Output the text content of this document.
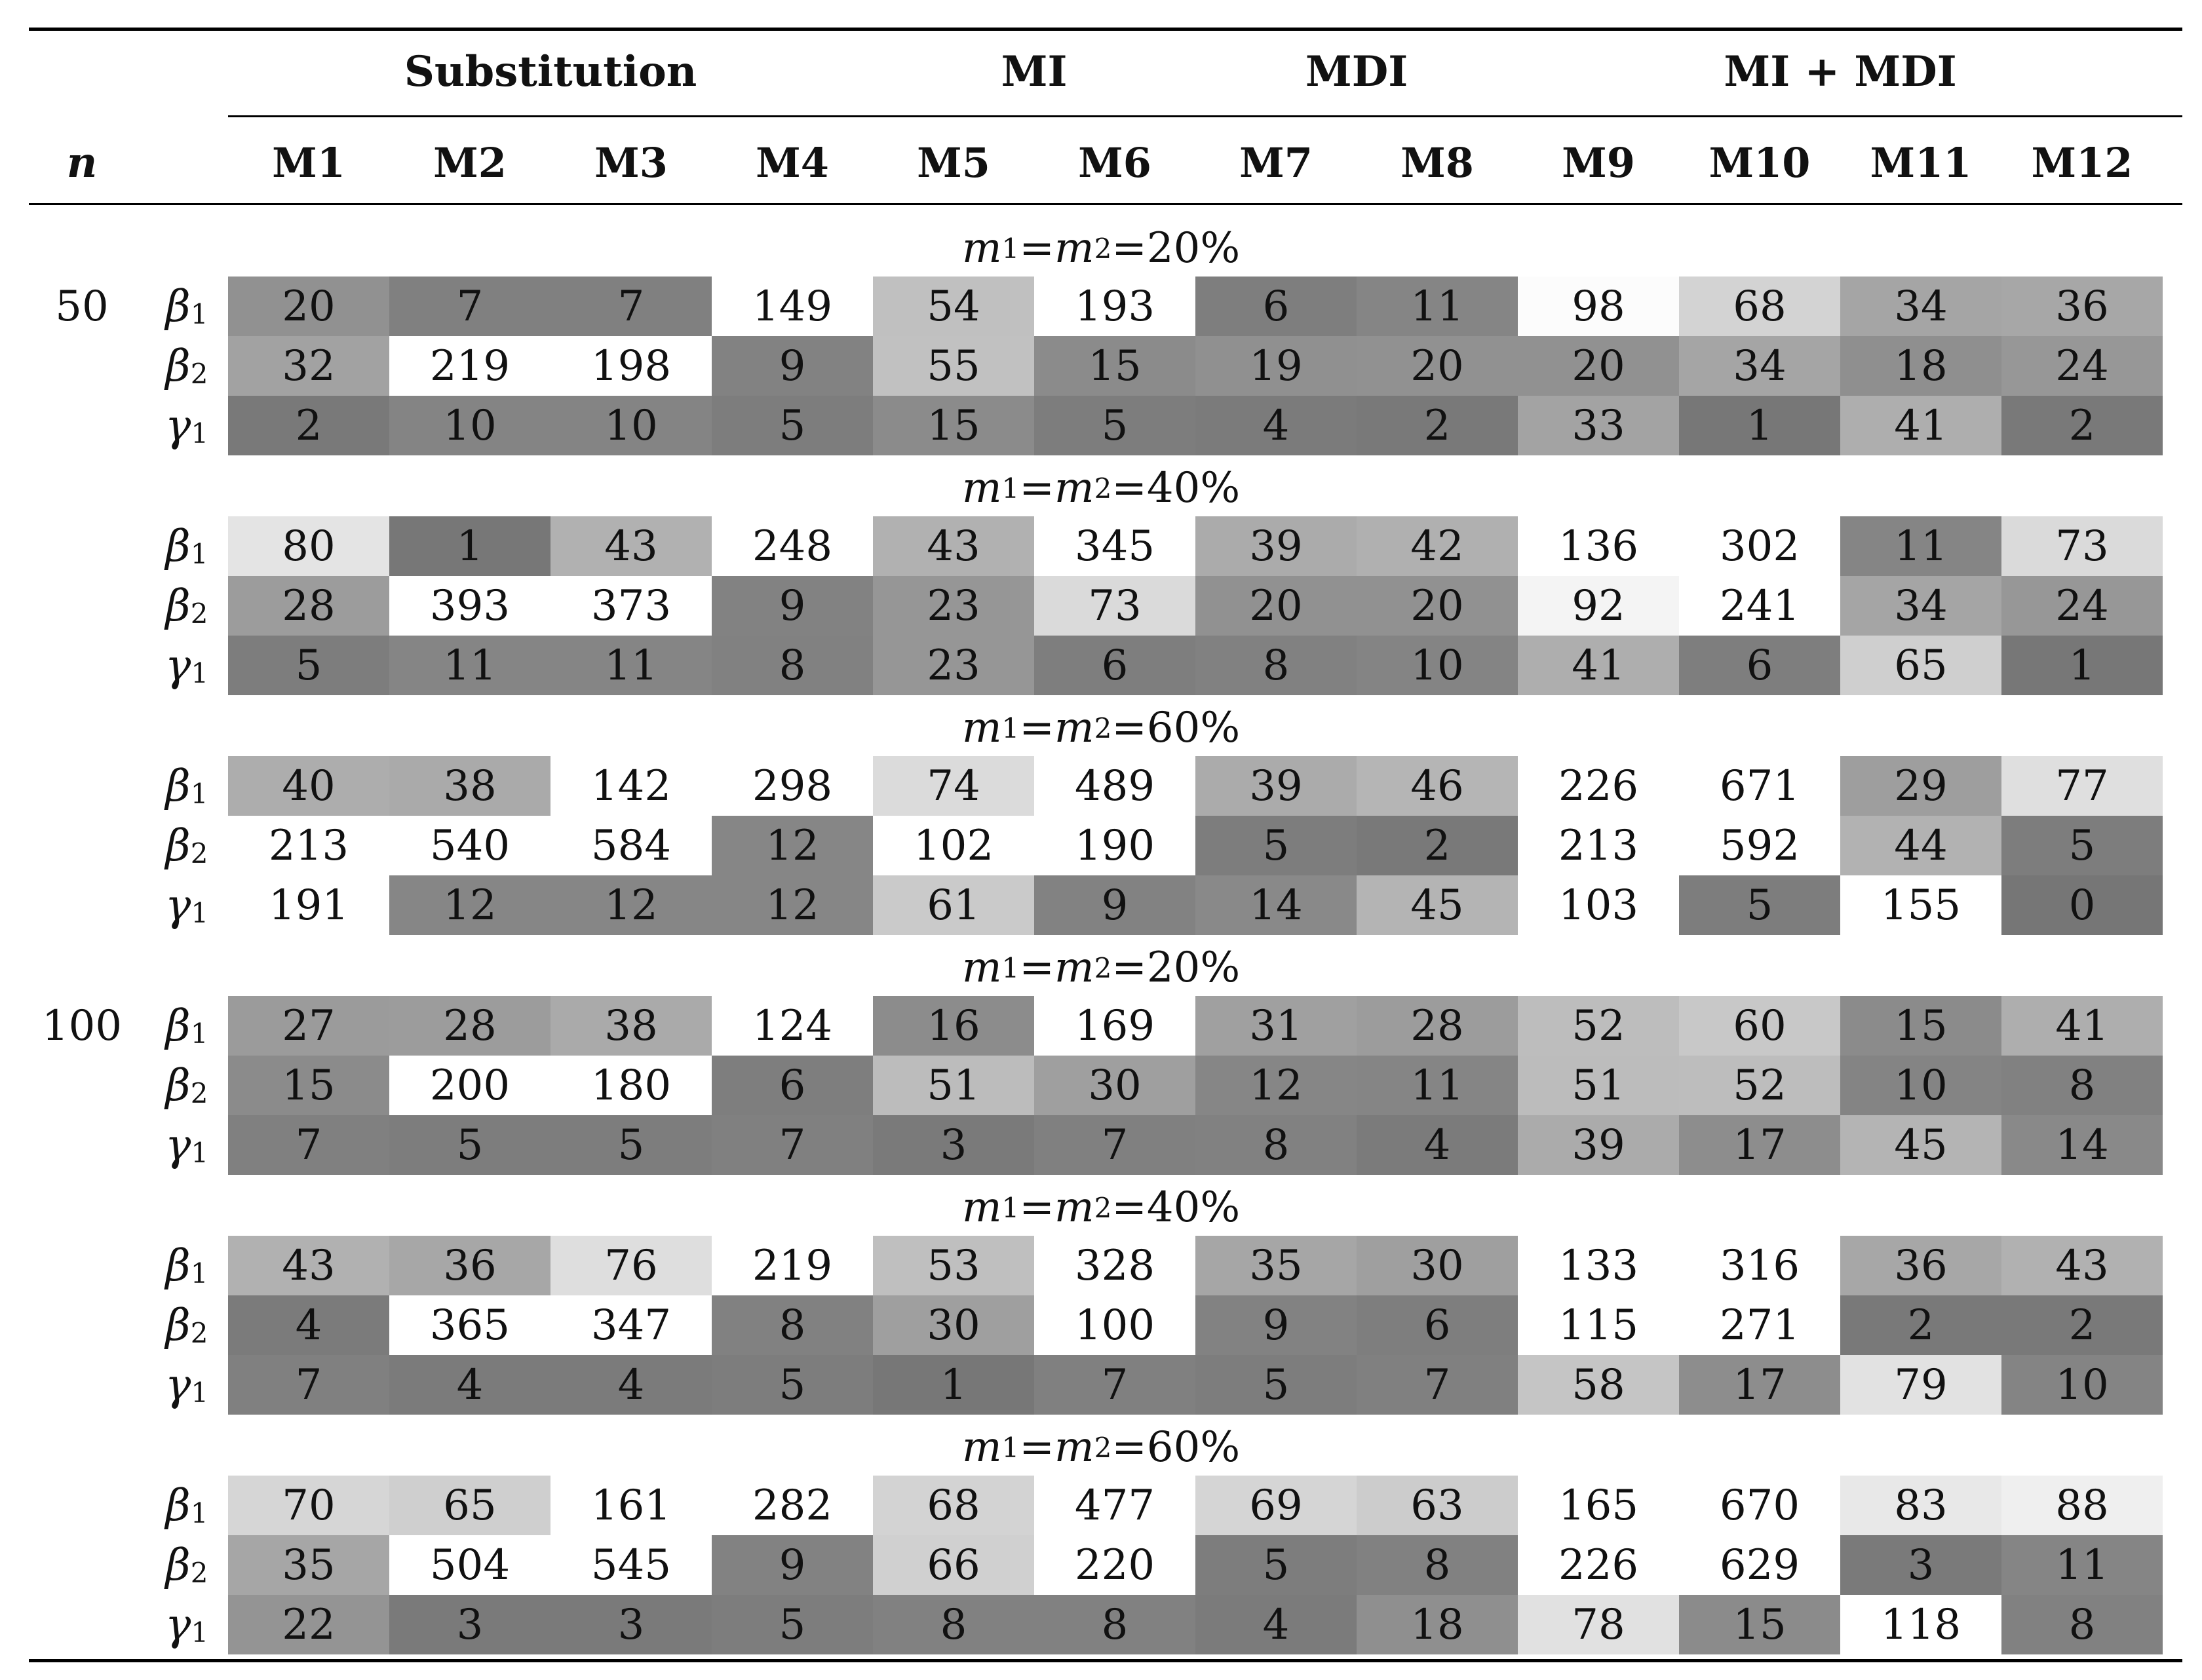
n
Substitution	MI	MDI	MI + MDI
M1	M2	M3	M4	M5	M6	M7	M8	M9	M10	M11	M12
m 1 = m 2 = 20%
50	$\beta_1$	20	7	7	149	54	193	6	11	98	68	34	36
$\beta_2$	32	219	198	9	55	15	19	20	20	34	18	24
$\gamma_1$	2	10	10	5	15	5	4	2	33	1	41	2
m 1 = m 2 = 40%
$\beta_1$	80	1	43	248	43	345	39	42	136	302	11	73
$\beta_2$	28	393	373	9	23	73	20	20	92	241	34	24
$\gamma_1$	5	11	11	8	23	6	8	10	41	6	65	1
m 1 = m 2 = 60%
$\beta_1$	40	38	142	298	74	489	39	46	226	671	29	77
$\beta_2$	213	540	584	12	102	190	5	2	213	592	44	5
$\gamma_1$	191	12	12	12	61	9	14	45	103	5	155	0
m 1 = m 2 = 20%
100	$\beta_1$	27	28	38	124	16	169	31	28	52	60	15	41
$\beta_2$	15	200	180	6	51	30	12	11	51	52	10	8
$\gamma_1$	7	5	5	7	3	7	8	4	39	17	45	14
m 1 = m 2 = 40%
$\beta_1$	43	36	76	219	53	328	35	30	133	316	36	43
$\beta_2$	4	365	347	8	30	100	9	6	115	271	2	2
$\gamma_1$	7	4	4	5	1	7	5	7	58	17	79	10
m 1 = m 2 = 60%
$\beta_1$	70	65	161	282	68	477	69	63	165	670	83	88
$\beta_2$	35	504	545	9	66	220	5	8	226	629	3	11
$\gamma_1$	22	3	3	5	8	8	4	18	78	15	118	8
